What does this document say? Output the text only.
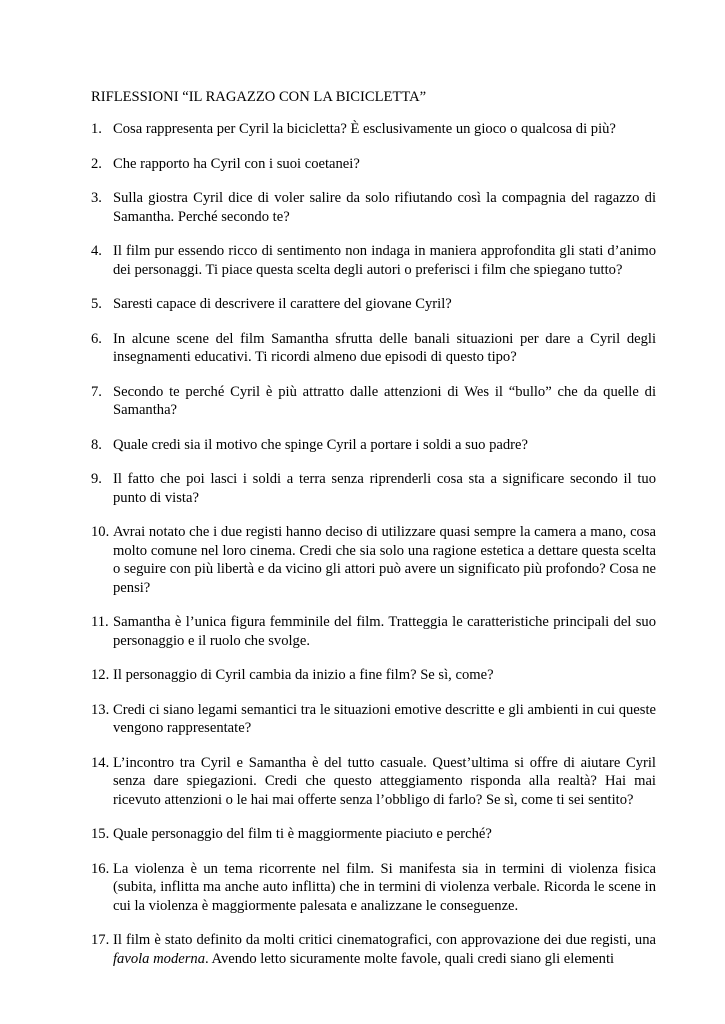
RIFLESSIONI “IL RAGAZZO CON LA BICICLETTA”
1. Cosa rappresenta per Cyril la bicicletta? È esclusivamente un gioco o qualcosa di più?
2. Che rapporto ha Cyril con i suoi coetanei?
3. Sulla giostra Cyril dice di voler salire da solo rifiutando così la compagnia del ragazzo di Samantha. Perché secondo te?
4. Il film pur essendo ricco di sentimento non indaga in maniera approfondita gli stati d’animo dei personaggi. Ti piace questa scelta degli autori o preferisci i film che spiegano tutto?
5. Saresti capace di descrivere il carattere del giovane Cyril?
6. In alcune scene del film Samantha sfrutta delle banali situazioni per dare a Cyril degli insegnamenti educativi. Ti ricordi almeno due episodi di questo tipo?
7. Secondo te perché Cyril è più attratto dalle attenzioni di Wes il “bullo” che da quelle di Samantha?
8. Quale credi sia il motivo che spinge Cyril a portare i soldi a suo padre?
9. Il fatto che poi lasci i soldi a terra senza riprenderli cosa sta a significare secondo il tuo punto di vista?
10. Avrai notato che i due registi hanno deciso di utilizzare quasi sempre la camera a mano, cosa molto comune nel loro cinema. Credi che sia solo una ragione estetica a dettare questa scelta o seguire con più libertà e da vicino gli attori può avere un significato più profondo? Cosa ne pensi?
11. Samantha è l’unica figura femminile del film. Tratteggia le caratteristiche principali del suo personaggio e il ruolo che svolge.
12. Il personaggio di Cyril cambia da inizio a fine film? Se sì, come?
13. Credi ci siano legami semantici tra le situazioni emotive descritte e gli ambienti in cui queste vengono rappresentate?
14. L’incontro tra Cyril e Samantha è del tutto casuale. Quest’ultima si offre di aiutare Cyril senza dare spiegazioni. Credi che questo atteggiamento risponda alla realtà? Hai mai ricevuto attenzioni o le hai mai offerte senza l’obbligo di farlo? Se sì, come ti sei sentito?
15. Quale personaggio del film ti è maggiormente piaciuto e perché?
16. La violenza è un tema ricorrente nel film. Si manifesta sia in termini di violenza fisica (subita, inflitta ma anche auto inflitta) che in termini di violenza verbale. Ricorda le scene in cui la violenza è maggiormente palesata e analizzane le conseguenze.
17. Il film è stato definito da molti critici cinematografici, con approvazione dei due registi, una favola moderna. Avendo letto sicuramente molte favole, quali credi siano gli elementi
